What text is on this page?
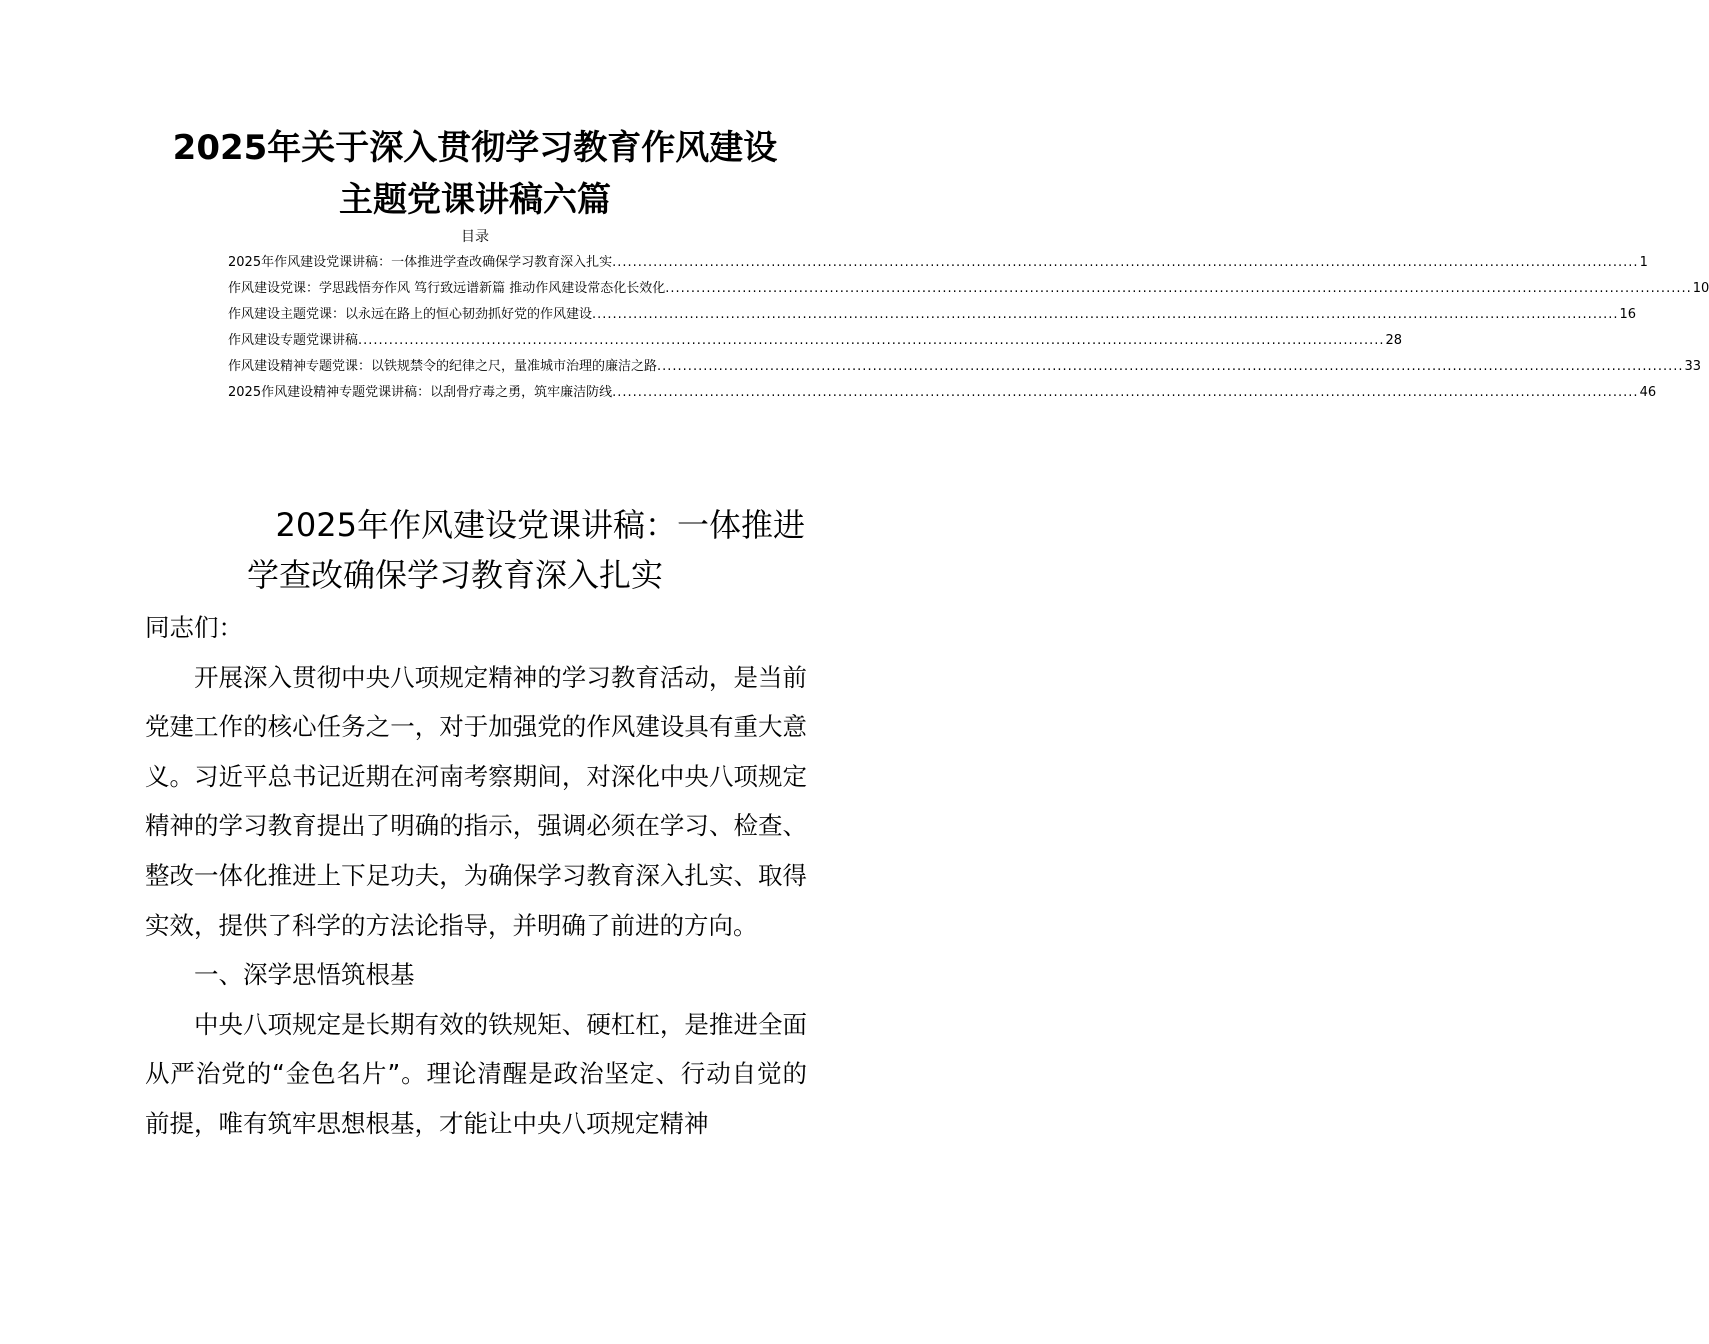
2025年关于深入贯彻学习教育作风建设
主题党课讲稿六篇
目录
2025年作风建设党课讲稿：一体推进学查改确保学习教育深入扎实 .....	1
作风建设党课：学思践悟夯作风 笃行致远谱新篇 推动作风建设常态化长效化 .....	10
作风建设主题党课：以永远在路上的恒心韧劲抓好党的作风建设 .....	16
作风建设专题党课讲稿 .....	28
作风建设精神专题党课：以铁规禁令的纪律之尺，量准城市治理的廉洁之路 .....	33
2025作风建设精神专题党课讲稿：以刮骨疗毒之勇，筑牢廉洁防线 .....	46
2025年作风建设党课讲稿：一体推进
学查改确保学习教育深入扎实

同志们：

开展深入贯彻中央八项规定精神的学习教育活动，是当前党建工作的核心任务之一，对于加强党的作风建设具有重大意义。习近平总书记近期在河南考察期间，对深化中央八项规定精神的学习教育提出了明确的指示，强调必须在学习、检查、整改一体化推进上下足功夫，为确保学习教育深入扎实、取得实效，提供了科学的方法论指导，并明确了前进的方向。

一、深学思悟筑根基

中央八项规定是长期有效的铁规矩、硬杠杠，是推进全面从严治党的“金色名片”。理论清醒是政治坚定、行动自觉的前提，唯有筑牢思想根基，才能让中央八项规定精神
